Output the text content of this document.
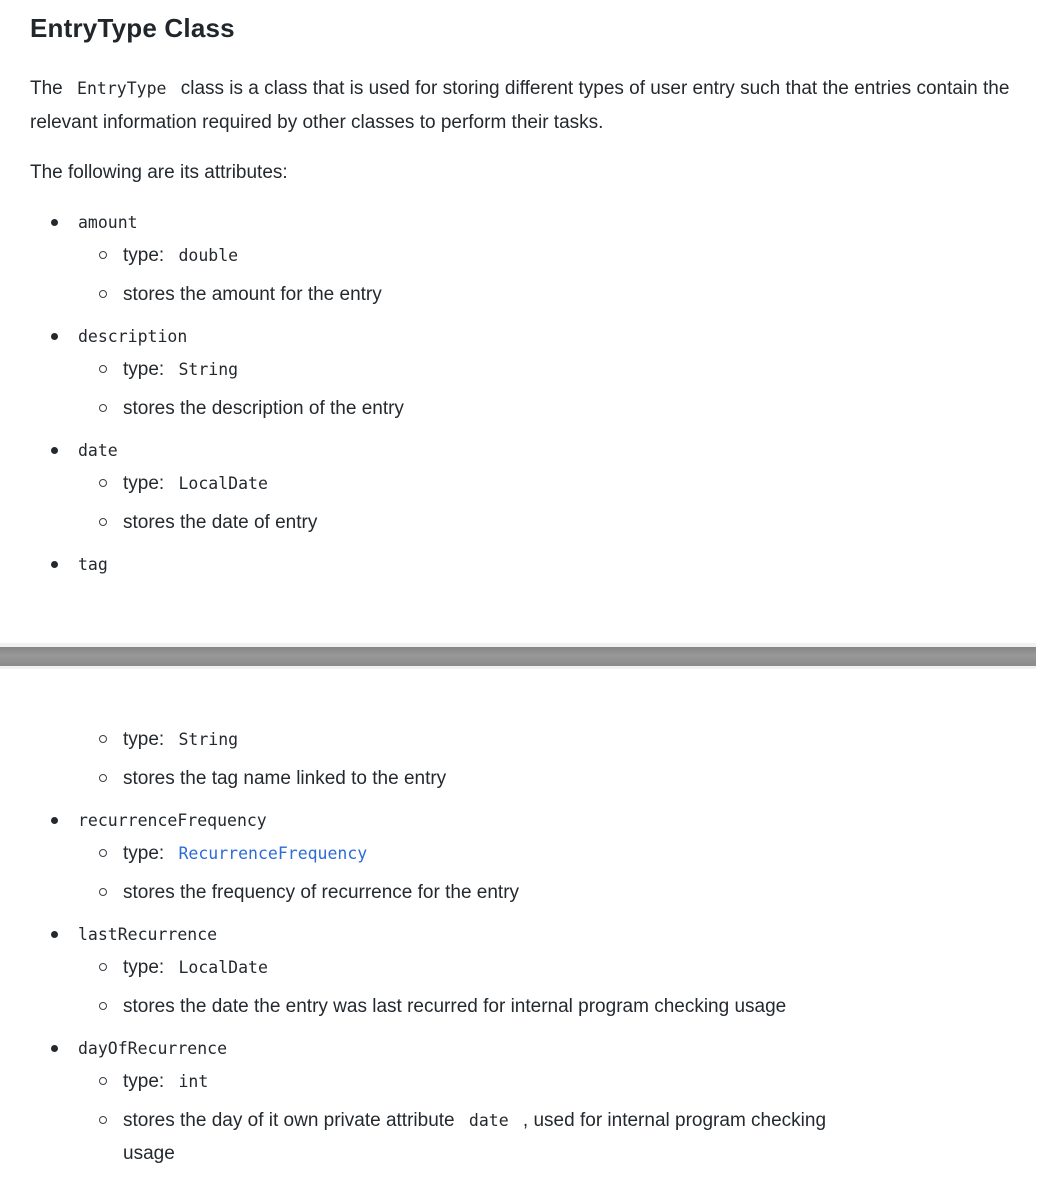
EntryType Class

The EntryType class is a class that is used for storing different types of user entry such that the entries contain the relevant information required by other classes to perform their tasks.

The following are its attributes:

amount
type: double
stores the amount for the entry
description
type: String
stores the description of the entry
date
type: LocalDate
stores the date of entry
tag
type: String
stores the tag name linked to the entry
recurrenceFrequency
type: RecurrenceFrequency
stores the frequency of recurrence for the entry
lastRecurrence
type: LocalDate
stores the date the entry was last recurred for internal program checking usage
dayOfRecurrence
type: int
stores the day of it own private attribute date , used for internal program checking
usage
